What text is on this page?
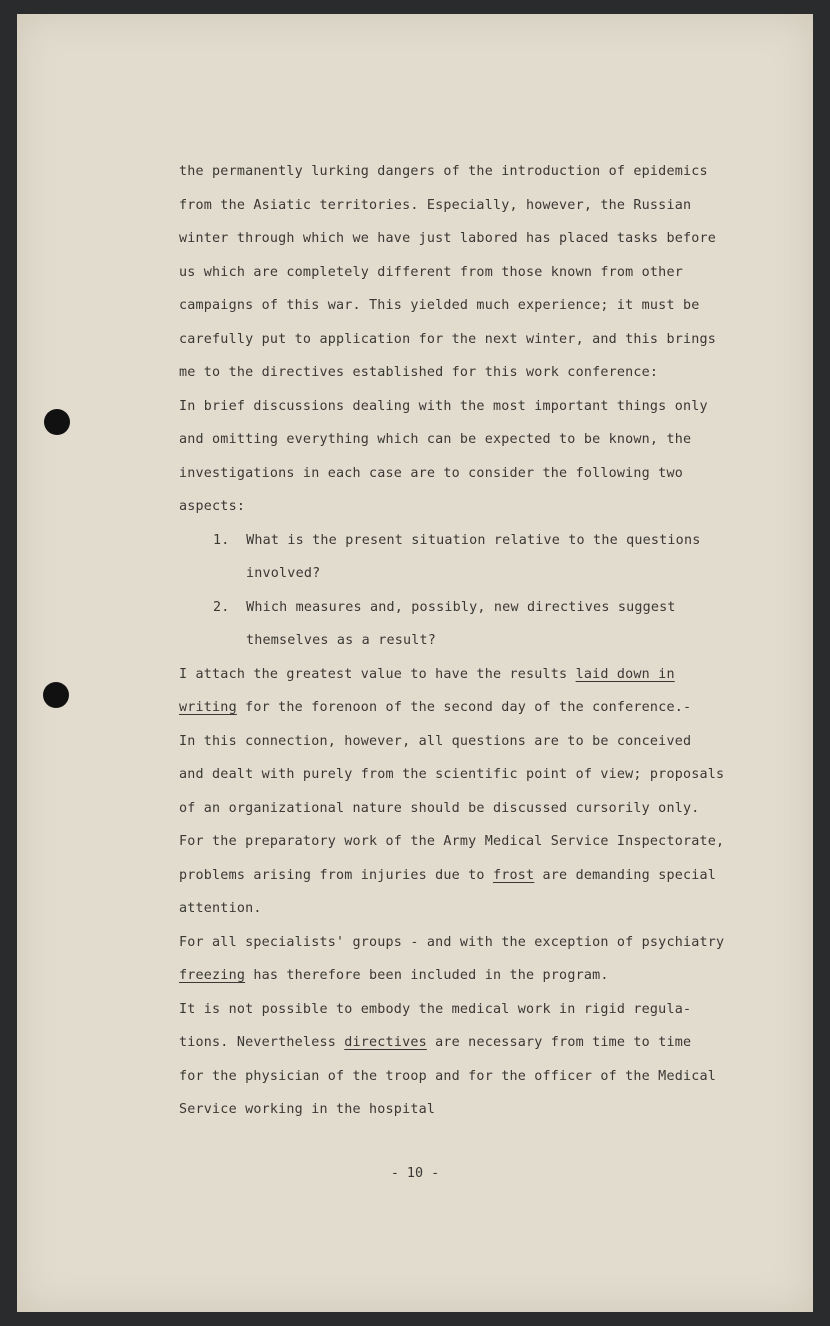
the permanently lurking dangers of the introduction of epidemics
from the Asiatic territories. Especially, however, the Russian
winter through which we have just labored has placed tasks before
us which are completely different from those known from other
campaigns of this war. This yielded much experience; it must be
carefully put to application for the next winter, and this brings
me to the directives established for this work conference:
In brief discussions dealing with the most important things only
and omitting everything which can be expected to be known, the
investigations in each case are to consider the following two
aspects:
1. What is the present situation relative to the questions
involved?
2. Which measures and, possibly, new directives suggest
themselves as a result?
I attach the greatest value to have the results laid down in
writing for the forenoon of the second day of the conference.-
In this connection, however, all questions are to be conceived
and dealt with purely from the scientific point of view; proposals
of an organizational nature should be discussed cursorily only.
For the preparatory work of the Army Medical Service Inspectorate,
problems arising from injuries due to frost are demanding special
attention.
For all specialists' groups - and with the exception of psychiatry
freezing has therefore been included in the program.
It is not possible to embody the medical work in rigid regula-
tions. Nevertheless directives are necessary from time to time
for the physician of the troop and for the officer of the Medical
Service working in the hospital
- 10 -
